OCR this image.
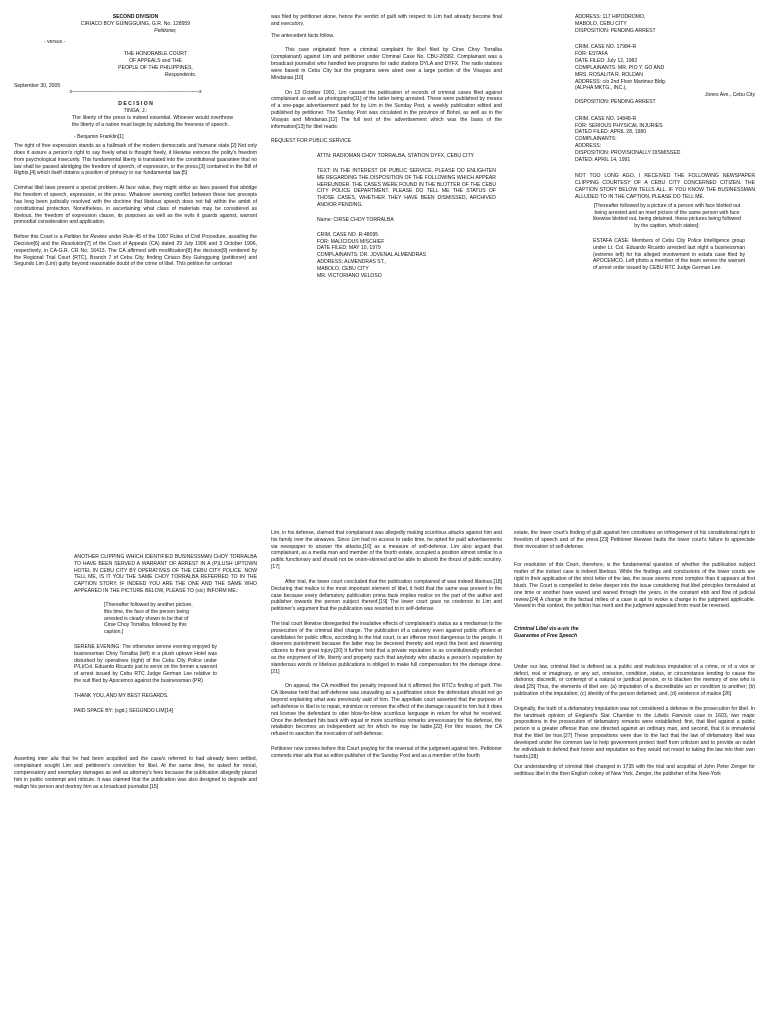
SECOND DIVISION

CIRIACO BOY GUINGGUING, G.R. No. 128959

Petitioner,

- versus -

THE HONORABLE COURT

OF APPEALS and THE

PEOPLE OF THE PHILIPPINES,

Respondents.

September 30, 2005

x-------------------------------------------------------------------------------------x

D E C I S I O N

TINGA, J.:

The liberty of the press is indeed essential. Whoever would overthrow the liberty of a nation must begin by subduing the freeness of speech.

- Benjamin Franklin[1]

The right of free expression stands as a hallmark of the modern democratic and humane state.[2] Not only does it assure a person's right to say freely what is thought freely, it likewise evinces the polity's freedom from psychological insecurity. This fundamental liberty is translated into the constitutional guarantee that no law shall be passed abridging the freedom of speech, of expression, or the press,[3] contained in the Bill of Rights,[4] which itself obtains a position of primacy in our fundamental law.[5]

Criminal libel laws present a special problem. At face value, they might strike as laws passed that abridge the freedom of speech, expression, or the press. Whatever seeming conflict between these two precepts has long been judicially resolved with the doctrine that libelous speech does not fall within the ambit of constitutional protection. Nonetheless, in ascertaining what class of materials may be considered as libelous, the freedom of expression clause, its purposes as well as the evils it guards against, warrant primordial consideration and application.

Before this Court is a Petition for Review under Rule 45 of the 1997 Rules of Civil Procedure, assailing the Decision[6] and the Resolution[7] of the Court of Appeals (CA) dated 29 July 1996 and 3 October 1996, respectively, in CA-G.R. CR No. 16413. The CA affirmed with modification[8] the decision[9] rendered by the Regional Trial Court (RTC), Branch 7 of Cebu City, finding Ciriaco Boy Guingguing (petitioner) and Segundo Lim (Lim) guilty beyond reasonable doubt of the crime of libel. This petition for certiorari

was filed by petitioner alone, hence the verdict of guilt with respect to Lim had already become final and executory.

The antecedent facts follow.

This case originated from a criminal complaint for libel filed by Cirse Choy Torralba (complainant) against Lim and petitioner under Criminal Case No. CBU-26582. Complainant was a broadcast journalist who handled two programs for radio stations DYLA and DYFX. The radio stations were based in Cebu City but the programs were aired over a large portion of the Visayas and Mindanao.[10]

On 13 October 1991, Lim caused the publication of records of criminal cases filed against complainant as well as photographs[11] of the latter being arrested. These were published by means of a one-page advertisement paid for by Lim in the Sunday Post, a weekly publication edited and published by petitioner. The Sunday Post was circulated in the province of Bohol, as well as in the Visayas and Mindanao.[12] The full text of the advertisement which was the basis of the information[13] for libel reads:

REQUEST FOR PUBLIC SERVICE

ATTN: RADIOMAN CHOY TORRALBA, STATION DYFX, CEBU CITY

TEXT: IN THE INTEREST OF PUBLIC SERVICE, PLEASE DO ENLIGHTEN ME REGARDING THE DISPOSITION OF THE FOLLOWING WHICH APPEAR HEREUNDER. THE CASES WERE FOUND IN THE BLOTTER OF THE CEBU CITY POLICE DEPARTMENT. PLEASE DO TELL ME THE STATUS OF THOSE CASES, WHETHER THEY HAVE BEEN DISMISSED, ARCHIVED AND/OR PENDING.

Name: CIRSE CHOY TORRALBA

CRIM. CASE NO. R-48095

FOR: MALICIOUS MISCHIEF

DATE FILED: MAY 10, 1979

COMPLAINANTS: DR. JOVENAL ALMENDRAS

ADDRESS: ALMENDRAS ST.,

MABOLO, CEBU CITY

MR. VICTORIANO VELOSO

ADDRESS: 117 HIPODROMO,

MABOLO, CEBU CITY

DISPOSITION: PENDING ARREST

CRIM. CASE NO. 17984-R

FOR: ESTAFA

DATE FILED: July 12, 1982

COMPLAINANTS: MR. PIO Y. GO AND

MRS. ROSALITA R. ROLDAN

ADDRESS: c/o 2nd Floor Martinez Bldg.

(ALPHA MKTG., INC.),

Jones Ave., Cebu City

DISPOSITION: PENDING ARREST

CRIM. CASE NO. 14848-R

FOR: SERIOUS PHYSICAL INJURIES

DATED FILED: APRIL 28, 1980

COMPLAINANTS:

ADDRESS:

DISPOSITION: PROVISIONALLY DISMISSED

DATED: APRIL 14, 1991

NOT TOO LONG AGO, I RECEIVED THE FOLLOWING NEWSPAPER CLIPPING COURTESY OF A CEBU CITY CONCERNED CITIZEN. THE CAPTION STORY BELOW TELLS ALL. IF YOU KNOW THE BUSINESSMAN ALLUDED TO IN THE CAPTION, PLEASE DO TELL ME.

[Thereafter followed by a picture of a person with face blotted out being arrested and an inset picture of the same person with face likewise blotted out, being detained, these pictures being followed by the caption, which states]:

ESTAFA CASE. Members of Cebu City Police Intelligence group under Lt. Col. Eduardo Ricardo arrested last night a businessman (extreme left) for his alleged involvement in estafa case filed by APOCEMCO. Left photo a member of the team serves the warrant of arrest order issued by CEBU RTC Judge German Lee.

ANOTHER CLIPPING WHICH IDENTIFIED BUSINESSMAN CHOY TORRALBA TO HAVE BEEN SERVED A WARRANT OF ARREST IN A (P)LUSH UPTOWN HOTEL IN CEBU CITY BY OPERATIVES OF THE CEBU CITY POLICE. NOW TELL ME, IS IT YOU THE SAME CHOY TORRALBA REFERRED TO IN THE CAPTION STORY. IF INDEED YOU ARE THE ONE AND THE SAME WHO APPEARED IN THE PICTURE BELOW, PLEASE TO (sic) INFORM ME.:

[Thereafter followed by another picture, this time, the face of the person being arrested is clearly shown to be that of Cirse Choy Torralba, followed by this caption.]

SERENE EVENING: The otherwise serene evening enjoyed by businessman Choy Torralba (left) in a plush uptown Hotel was disturbed by operatives (right) of the Cebu City Police under P/Lt/Col. Eduardo Ricardo just to serve on the former a warrant of arrest issued by Cebu RTC Judge German Lee relative to the suit filed by Apocemco against the businessman (PR)

THANK YOU, AND MY BEST REGARDS.

PAID SPACE BY: (sgd.) SEGUNDO LIM[14]

Asserting inter alia that he had been acquitted and the case/s referred to had already been settled, complainant sought Lim and petitioner's conviction for libel. At the same time, he asked for moral, compensatory and exemplary damages as well as attorney's fees because the publication allegedly placed him in public contempt and ridicule. It was claimed that the publication was also designed to degrade and malign his person and destroy him as a broadcast journalist.[15]

Lim, in his defense, claimed that complainant was allegedly making scurrilous attacks against him and his family over the airwaves. Since Lim had no access to radio time, he opted for paid advertisements via newspaper to answer the attacks,[16] as a measure of self-defense. Lim also argued that complainant, as a media man and member of the fourth estate, occupied a position almost similar to a public functionary and should not be onion-skinned and be able to absorb the thrust of public scrutiny.[17]

After trial, the lower court concluded that the publication complained of was indeed libelous.[18] Declaring that malice is the most important element of libel, it held that the same was present in the case because every defamatory publication prima facie implies malice on the part of the author and publisher towards the person subject thereof.[19] The lower court gave no credence to Lim and petitioner's argument that the publication was resorted to in self-defense.

The trial court likewise disregarded the insulative effects of complainant's status as a mediaman to the prosecution of the criminal libel charge. The publication of a calumny even against public officers or candidates for public office, according to the trial court, is an offense most dangerous to the people. It deserves punishment because the latter may be deceived thereby and reject the best and deserving citizens to their great injury.[20] It further held that a private reputation is as constitutionally protected as the enjoyment of life, liberty and property such that anybody who attacks a person's reputation by slanderous words or libelous publications is obliged to make full compensation for the damage done.[21]

On appeal, the CA modified the penalty imposed but it affirmed the RTC's finding of guilt. The CA likewise held that self-defense was unavailing as a justification since the defendant should not go beyond explaining what was previously said of him. The appellate court asserted that the purpose of self-defense in libel is to repair, minimize or remove the effect of the damage caused to him but it does not license the defendant to utter blow-for-blow scurrilous language in return for what he received. Once the defendant hits back with equal or more scurrilous remarks unnecessary for his defense, the retaliation becomes an independent act for which he may be liable.[22] For this reason, the CA refused to sanction the invocation of self-defense.

Petitioner now comes before this Court praying for the reversal of the judgment against him. Petitioner contends inter alia that as editor-publisher of the Sunday Post and as a member of the fourth

estate, the lower court's finding of guilt against him constitutes an infringement of his constitutional right to freedom of speech and of the press.[23] Petitioner likewise faults the lower court's failure to appreciate their invocation of self-defense.

For resolution of this Court, therefore, is the fundamental question of whether the publication subject matter of the instant case is indeed libelous. While the findings and conclusions of the lower courts are rigid in their application of the strict letter of the law, the issue seems more complex than it appears at first blush. The Court is compelled to delve deeper into the issue considering that libel principles formulated at one time or another have waxed and waned through the years, in the constant ebb and flow of judicial review.[24] A change in the factual milieu of a case is apt to evoke a change in the judgment applicable. Viewed in this context, the petition has merit and the judgment appealed from must be reversed.

Criminal Libel vis-a-vis the

Guarantee of Free Speech

Under our law, criminal libel is defined as a public and malicious imputation of a crime, or of a vice or defect, real or imaginary, or any act, omission, condition, status, or circumstance tending to cause the dishonor, discredit, or contempt of a natural or juridical person, or to blacken the memory of one who is dead.[25] Thus, the elements of libel are: (a) imputation of a discreditable act or condition to another; (b) publication of the imputation; (c) identity of the person defamed; and, (d) existence of malice.[26]

Originally, the truth of a defamatory imputation was not considered a defense in the prosecution for libel. In the landmark opinion of England's Star Chamber in the Libelis Famosis case in 1603, two major propositions in the prosecution of defamatory remarks were established: first, that libel against a public person is a greater offense than one directed against an ordinary man, and second, that it is immaterial that the libel be true.[27] These propositions were due to the fact that the law of defamatory libel was developed under the common law to help government protect itself from criticism and to provide an outlet for individuals to defend their honor and reputation so they would not resort to taking the law into their own hands.[28]

Our understanding of criminal libel changed in 1735 with the trial and acquittal of John Peter Zenger for seditious libel in the then English colony of New York. Zenger, the publisher of the New-York
